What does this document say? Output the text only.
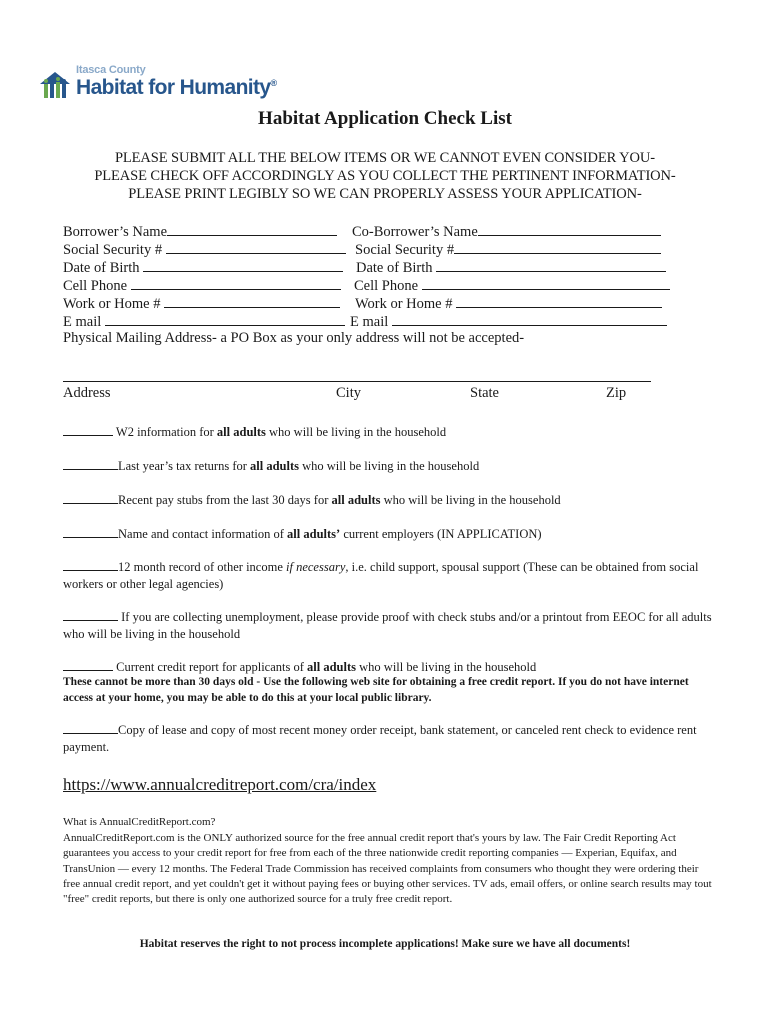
Itasca County
Habitat for Humanity®
Habitat Application Check List
PLEASE SUBMIT ALL THE BELOW ITEMS OR WE CANNOT EVEN CONSIDER YOU-
PLEASE CHECK OFF ACCORDINGLY AS YOU COLLECT THE PERTINENT INFORMATION-
PLEASE PRINT LEGIBLY SO WE CAN PROPERLY ASSESS YOUR APPLICATION-
Borrower’s Name	Co-Borrower’s Name
Social Security #	Social Security #
Date of Birth	Date of Birth
Cell Phone	Cell Phone
Work or Home #	Work or Home #
E mail	E mail
Physical Mailing Address- a PO Box as your only address will not be accepted-
Address	City	State	Zip
W2 information for all adults who will be living in the household
Last year’s tax returns for all adults who will be living in the household
Recent pay stubs from the last 30 days for all adults who will be living in the household
Name and contact information of all adults’ current employers (IN APPLICATION)
12 month record of other income if necessary, i.e. child support, spousal support (These can be obtained from social workers or other legal agencies)
If you are collecting unemployment, please provide proof with check stubs and/or a printout from EEOC for all adults who will be living in the household
Current credit report for applicants of all adults who will be living in the household
These cannot be more than 30 days old - Use the following web site for obtaining a free credit report. If you do not have internet access at your home, you may be able to do this at your local public library.
Copy of lease and copy of most recent money order receipt, bank statement, or canceled rent check to evidence rent payment.
https://www.annualcreditreport.com/cra/index
What is AnnualCreditReport.com?
AnnualCreditReport.com is the ONLY authorized source for the free annual credit report that's yours by law. The Fair Credit Reporting Act guarantees you access to your credit report for free from each of the three nationwide credit reporting companies — Experian, Equifax, and TransUnion — every 12 months. The Federal Trade Commission has received complaints from consumers who thought they were ordering their free annual credit report, and yet couldn't get it without paying fees or buying other services. TV ads, email offers, or online search results may tout "free" credit reports, but there is only one authorized source for a truly free credit report.
Habitat reserves the right to not process incomplete applications! Make sure we have all documents!
